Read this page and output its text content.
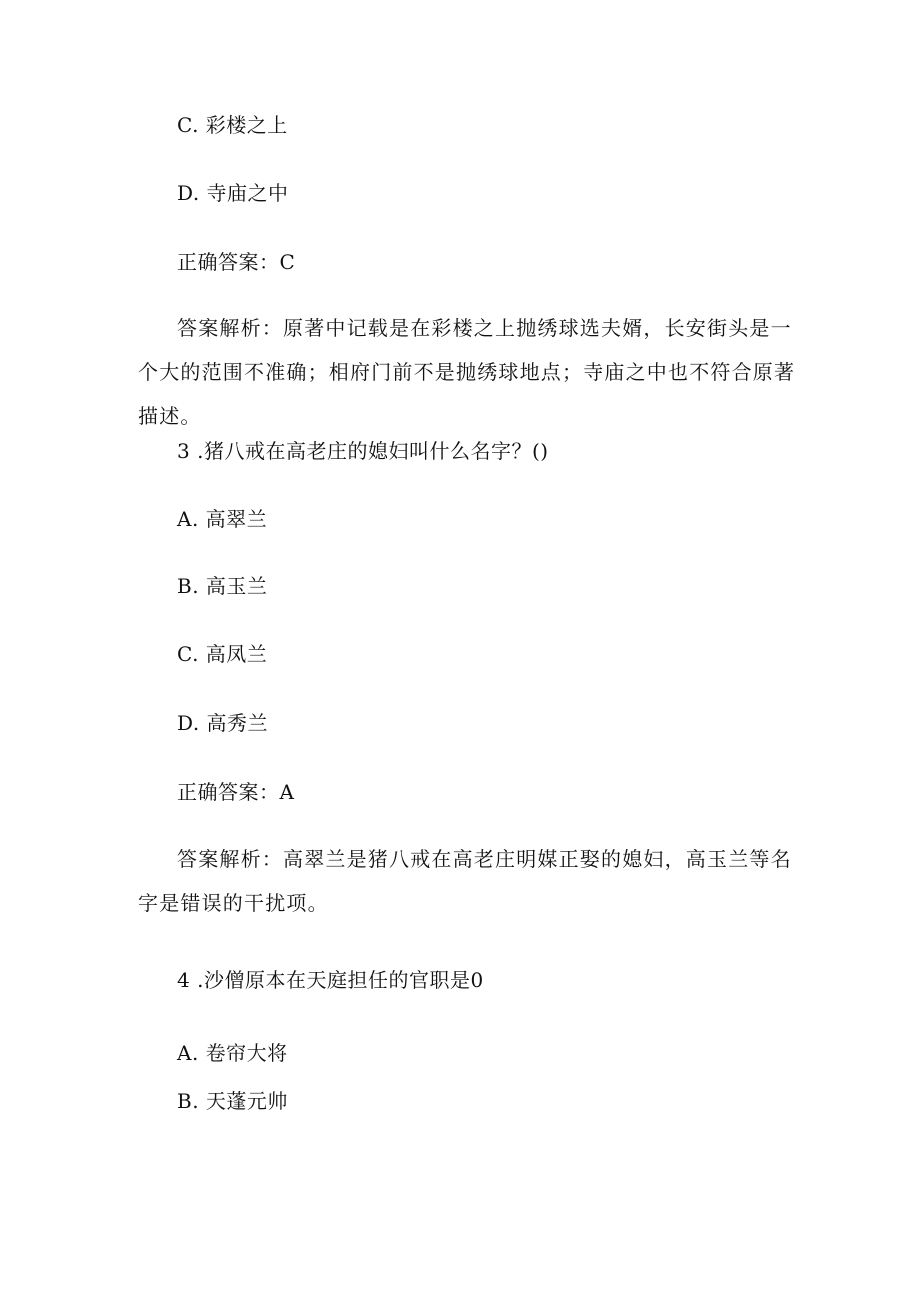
C. 彩楼之上
D. 寺庙之中
正确答案：C
答案解析：原著中记载是在彩楼之上抛绣球选夫婿，长安街头是一个大的范围不准确；相府门前不是抛绣球地点；寺庙之中也不符合原著描述。
3 .猪八戒在高老庄的媳妇叫什么名字？()
A. 高翠兰
B. 高玉兰
C. 高凤兰
D. 高秀兰
正确答案：A
答案解析：高翠兰是猪八戒在高老庄明媒正娶的媳妇，高玉兰等名字是错误的干扰项。
4 .沙僧原本在天庭担任的官职是0
A. 卷帘大将
B. 天蓬元帅
